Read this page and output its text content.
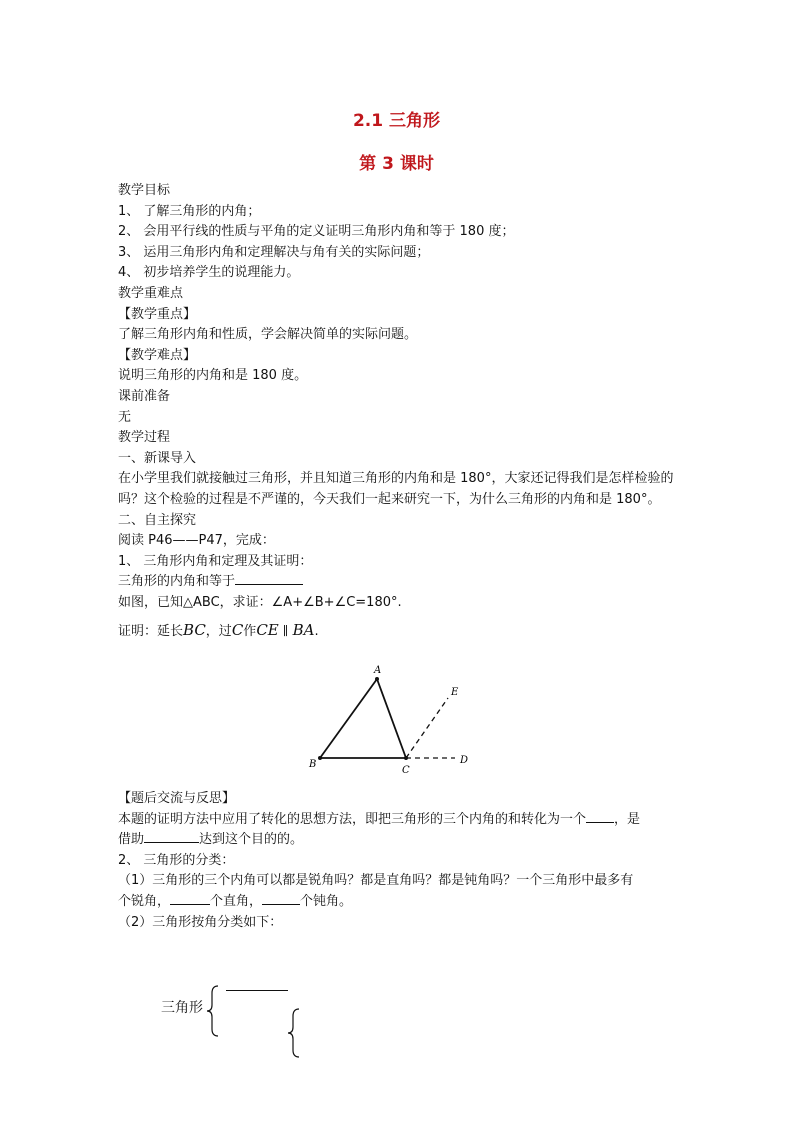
2.1 三角形
第 3 课时

教学目标

1、 了解三角形的内角；

2、 会用平行线的性质与平角的定义证明三角形内角和等于 180 度；

3、 运用三角形内角和定理解决与角有关的实际问题；

4、 初步培养学生的说理能力。

教学重难点

【教学重点】

了解三角形内角和性质，学会解决简单的实际问题。

【教学难点】

说明三角形的内角和是 180 度。

课前准备

无

教学过程

一、新课导入

在小学里我们就接触过三角形，并且知道三角形的内角和是 180°，大家还记得我们是怎样检验的吗？这个检验的过程是不严谨的，今天我们一起来研究一下，为什么三角形的内角和是 180°。

二、自主探究

阅读 P46——P47，完成：

1、 三角形内角和定理及其证明：

三角形的内角和等于

如图，已知△ABC，求证：∠A+∠B+∠C=180°.

证明：延长BC，过C作CE ∥ BA.

A
B
C
D
E

【题后交流与反思】

本题的证明方法中应用了转化的思想方法，即把三角形的三个内角的和转化为一个 ，是

借助	达到这个目的的。

2、 三角形的分类：

（1）三角形的三个内角可以都是锐角吗？都是直角吗？都是钝角吗？一个三角形中最多有

个锐角，	个直角，	个钝角。

（2）三角形按角分类如下：

三角形
